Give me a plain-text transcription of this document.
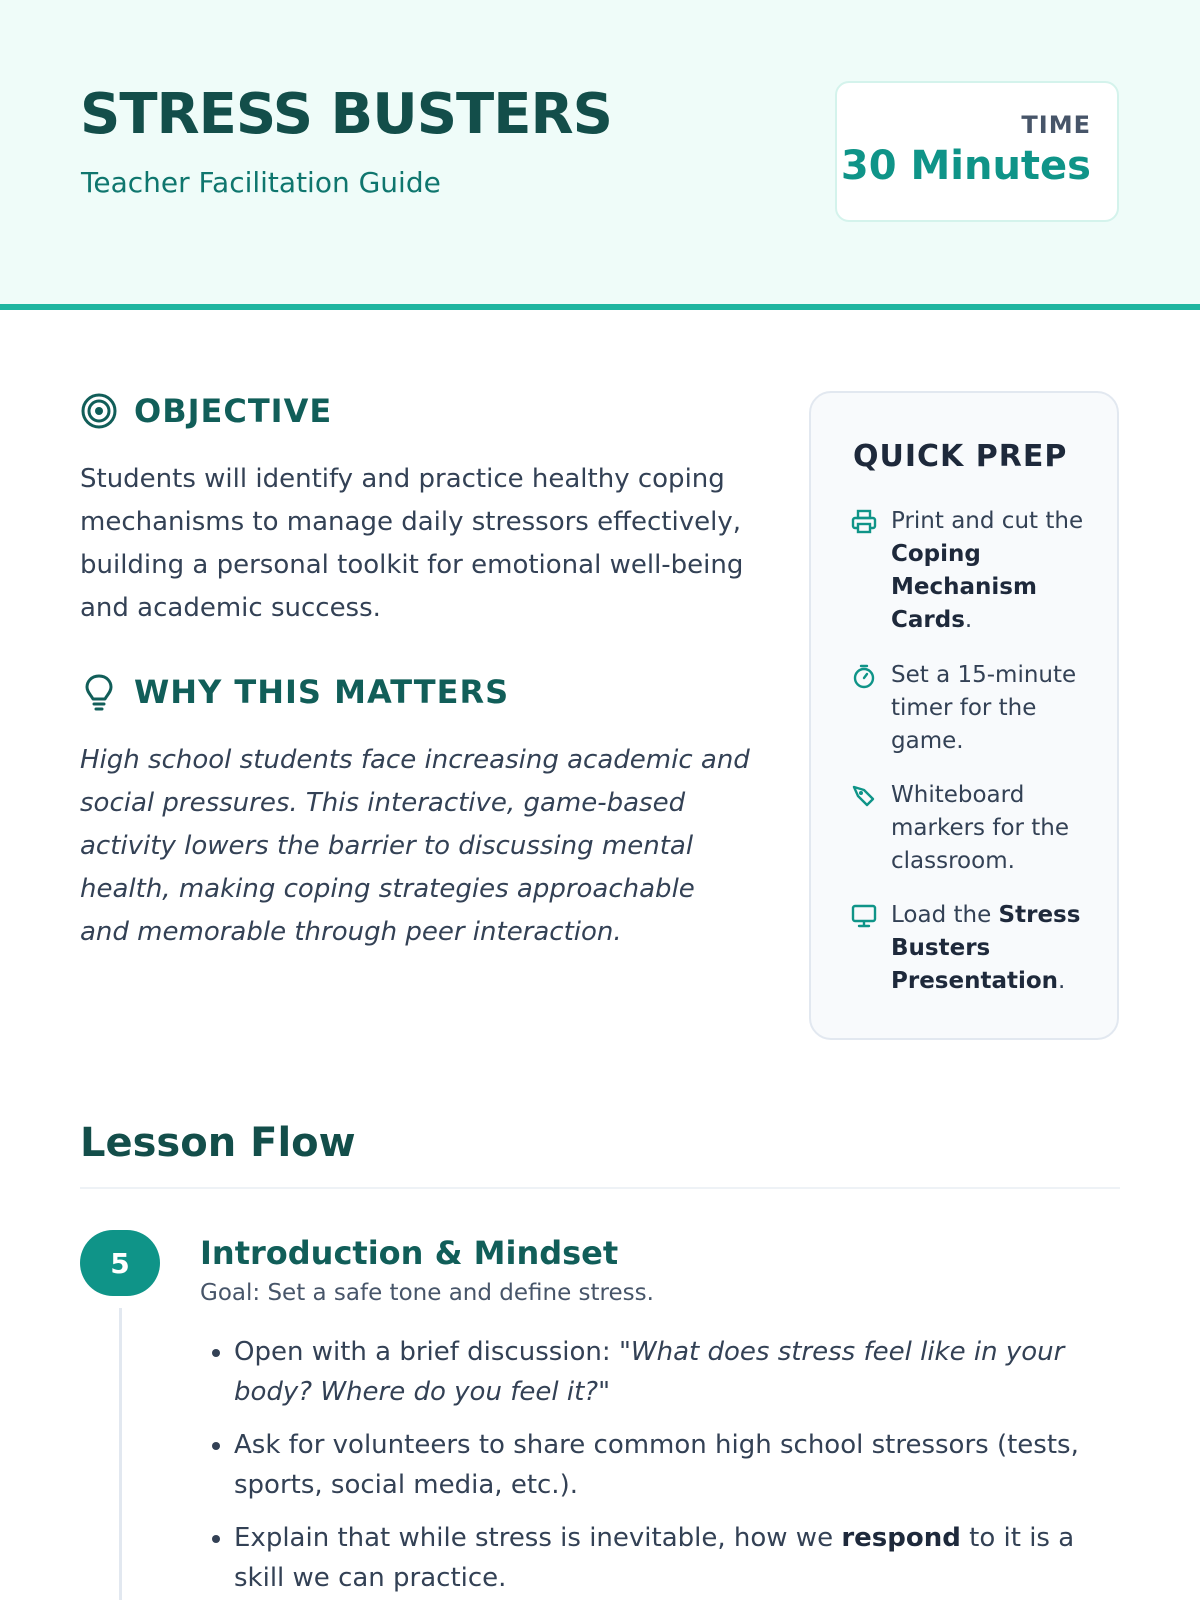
STRESS BUSTERS
Teacher Facilitation Guide
TIME
30 Minutes
OBJECTIVE

Students will identify and practice healthy coping mechanisms to manage daily stressors effectively, building a personal toolkit for emotional well-being and academic success.

WHY THIS MATTERS

High school students face increasing academic and social pressures. This interactive, game-based activity lowers the barrier to discussing mental health, making coping strategies approachable and memorable through peer interaction.

QUICK PREP
Print and cut the Coping Mechanism Cards.
Set a 15-minute timer for the game.
Whiteboard markers for the classroom.
Load the Stress Busters Presentation.
Lesson Flow
5	Introduction & Mindset
Goal: Set a safe tone and define stress.
• Open with a brief discussion: "What does stress feel like in your body? Where do you feel it?"
• Ask for volunteers to share common high school stressors (tests, sports, social media, etc.).
• Explain that while stress is inevitable, how we respond to it is a skill we can practice.
